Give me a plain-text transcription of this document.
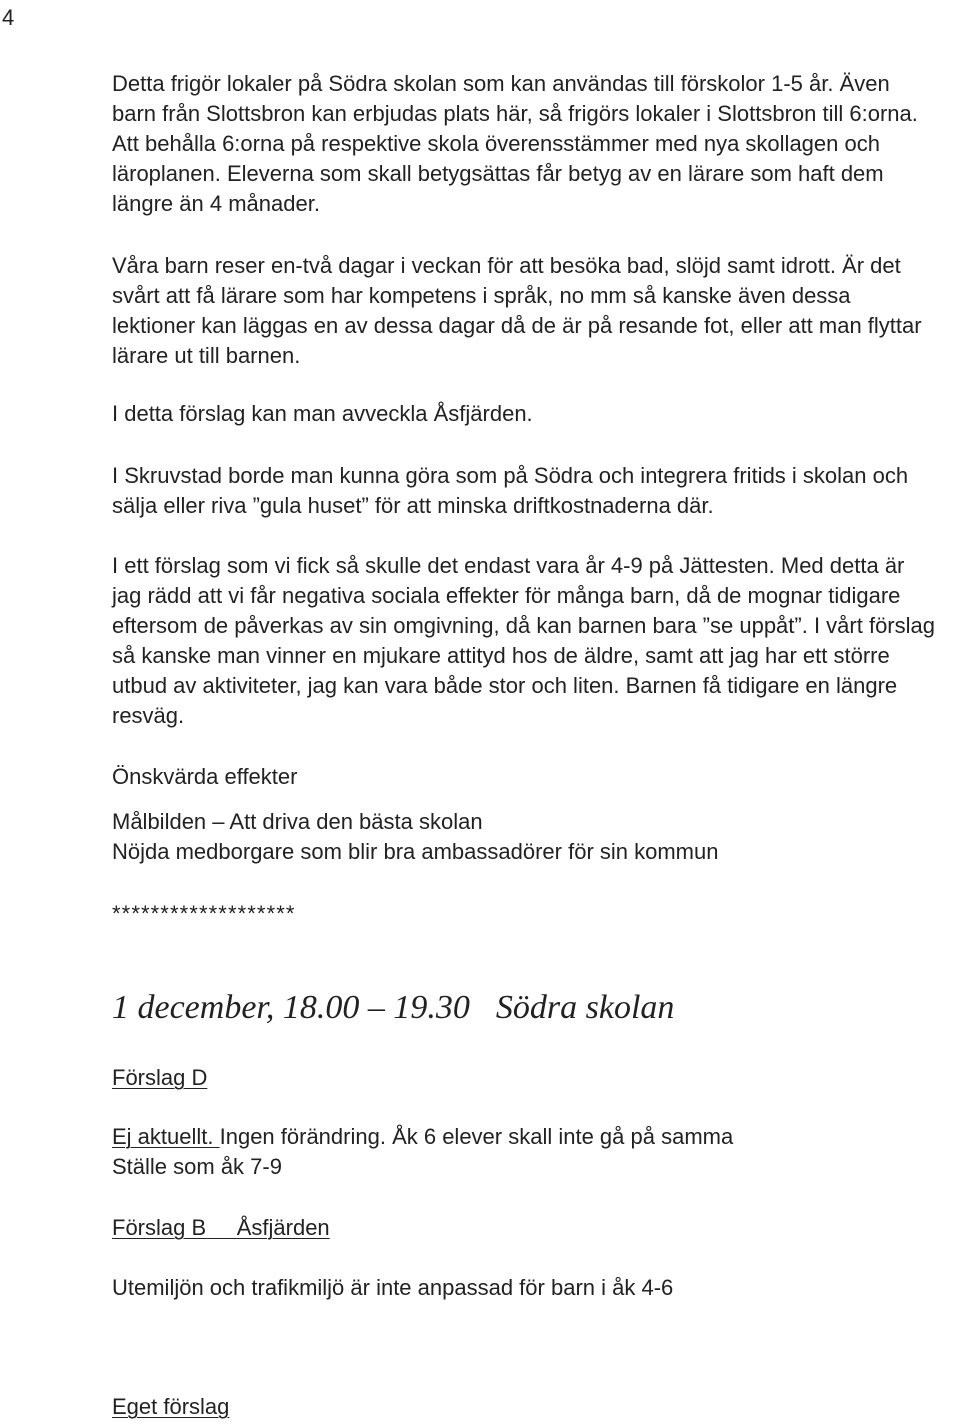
4
Detta frigör lokaler på Södra skolan som kan användas till förskolor 1-5 år. Även
barn från Slottsbron kan erbjudas plats här, så frigörs lokaler i Slottsbron till 6:orna.
Att behålla 6:orna på respektive skola överensstämmer med nya skollagen och
läroplanen. Eleverna som skall betygsättas får betyg av en lärare som haft dem
längre än 4 månader.
Våra barn reser en-två dagar i veckan för att besöka bad, slöjd samt idrott. Är det
svårt att få lärare som har kompetens i språk, no mm så kanske även dessa
lektioner kan läggas en av dessa dagar då de är på resande fot, eller att man flyttar
lärare ut till barnen.
I detta förslag kan man avveckla Åsfjärden.
I Skruvstad borde man kunna göra som på Södra och integrera fritids i skolan och
sälja eller riva ”gula huset” för att minska driftkostnaderna där.
I ett förslag som vi fick så skulle det endast vara år 4-9 på Jättesten. Med detta är
jag rädd att vi får negativa sociala effekter för många barn, då de mognar tidigare
eftersom de påverkas av sin omgivning, då kan barnen bara ”se uppåt”. I vårt förslag
så kanske man vinner en mjukare attityd hos de äldre, samt att jag har ett större
utbud av aktiviteter, jag kan vara både stor och liten. Barnen få tidigare en längre
resväg.
Önskvärda effekter
Målbilden – Att driva den bästa skolan
Nöjda medborgare som blir bra ambassadörer för sin kommun
*******************
1 december, 18.00 – 19.30 Södra skolan
Förslag D
Ej aktuellt. Ingen förändring. Åk 6 elever skall inte gå på samma
Ställe som åk 7-9
Förslag B Åsfjärden
Utemiljön och trafikmiljö är inte anpassad för barn i åk 4-6
Eget förslag
